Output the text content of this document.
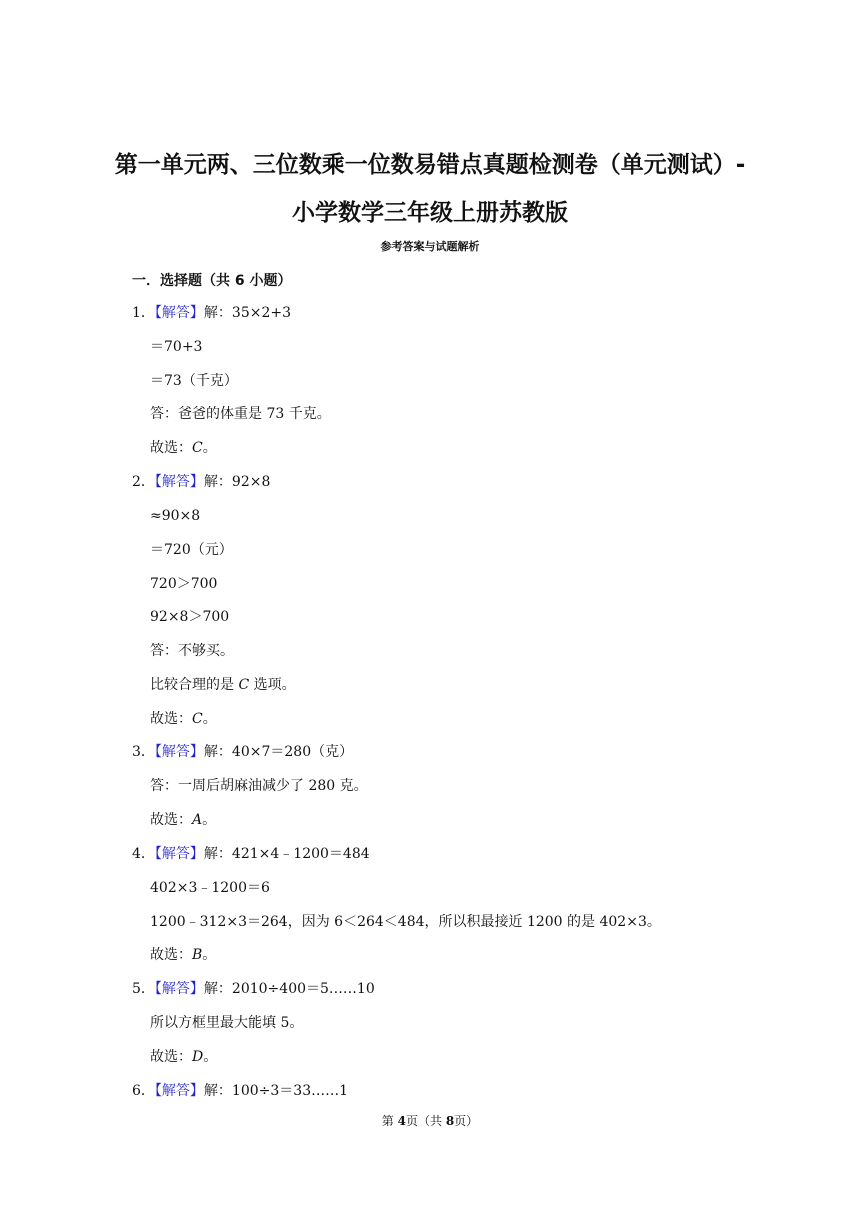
第一单元两、三位数乘一位数易错点真题检测卷（单元测试）-
小学数学三年级上册苏教版
参考答案与试题解析
一．选择题（共 6 小题）
1．【解答】解：35×2+3
＝70+3
＝73（千克）
答：爸爸的体重是 73 千克。
故选：C。
2．【解答】解：92×8
≈90×8
＝720（元）
720＞700
92×8＞700
答：不够买。
比较合理的是 C 选项。
故选：C。
3．【解答】解：40×7＝280（克）
答：一周后胡麻油减少了 280 克。
故选：A。
4．【解答】解：421×4﹣1200＝484
402×3﹣1200＝6
1200﹣312×3＝264，因为 6＜264＜484，所以积最接近 1200 的是 402×3。
故选：B。
5．【解答】解：2010÷400＝5……10
所以方框里最大能填 5。
故选：D。
6．【解答】解：100÷3＝33……1
第 4页（共 8页）
